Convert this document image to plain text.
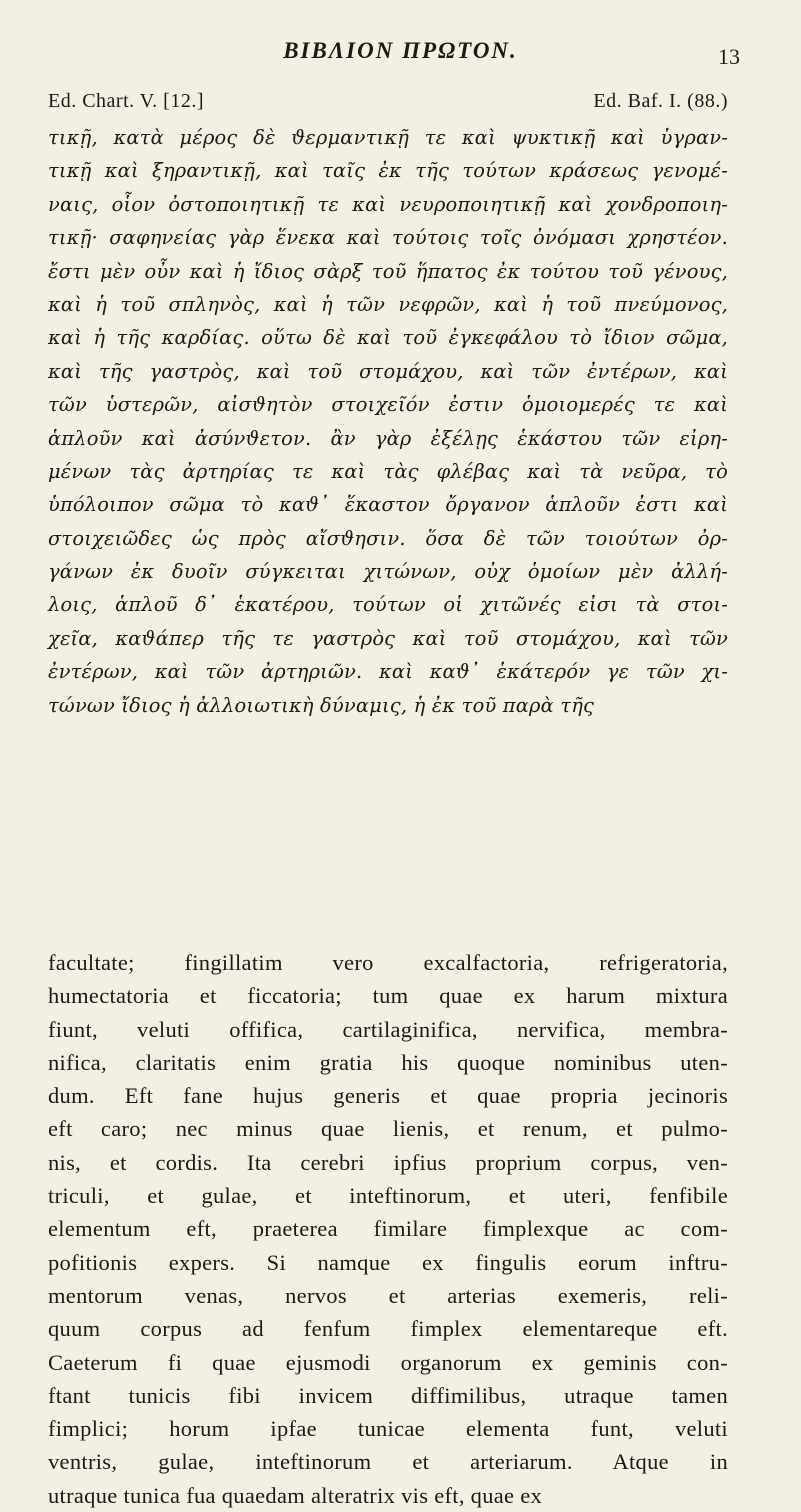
BIBΛION ΠΡΩΤΟΝ.	13
Ed. Chart. V. [12.]	Ed. Baf. I. (88.)
τικῇ, κατὰ μέρος δὲ ϑερμαντικῇ τε καὶ ψυκτικῇ καὶ ὑγραν-
τικῇ καὶ ξηραντικῇ, καὶ ταῖς ἐκ τῆς τούτων κράσεως γενομέ-
ναις, οἷον ὀστοποιητικῇ τε καὶ νευροποιητικῇ καὶ χονδροποιη-
τικῇ· σαφηνείας γὰρ ἕνεκα καὶ τούτοις τοῖς ὀνόμασι χρηστέον.
ἔστι μὲν οὖν καὶ ἡ ἴδιος σὰρξ τοῦ ἥπατος ἐκ τούτου τοῦ γένους,
καὶ ἡ τοῦ σπληνὸς, καὶ ἡ τῶν νεφρῶν, καὶ ἡ τοῦ πνεύμονος,
καὶ ἡ τῆς καρδίας. οὕτω δὲ καὶ τοῦ ἐγκεφάλου τὸ ἴδιον σῶμα,
καὶ τῆς γαστρὸς, καὶ τοῦ στομάχου, καὶ τῶν ἐντέρων, καὶ
τῶν ὑστερῶν, αἰσϑητὸν στοιχεῖόν ἐστιν ὁμοιομερές τε καὶ
ἁπλοῦν καὶ ἀσύνϑετον. ἂν γὰρ ἐξέλῃς ἑκάστου τῶν εἰρη-
μένων τὰς ἀρτηρίας τε καὶ τὰς φλέβας καὶ τὰ νεῦρα, τὸ
ὑπόλοιπον σῶμα τὸ καϑ᾽ ἕκαστον ὄργανον ἁπλοῦν ἐστι καὶ
στοιχειῶδες ὡς πρὸς αἴσϑησιν. ὅσα δὲ τῶν τοιούτων ὀρ-
γάνων ἐκ δυοῖν σύγκειται χιτώνων, οὐχ ὁμοίων μὲν ἀλλή-
λοις, ἁπλοῦ δ᾽ ἑκατέρου, τούτων οἱ χιτῶνές εἰσι τὰ στοι-
χεῖα, καϑάπερ τῆς τε γαστρὸς καὶ τοῦ στομάχου, καὶ τῶν
ἐντέρων, καὶ τῶν ἀρτηριῶν. καὶ καϑ᾽ ἑκάτερόν γε τῶν χι-
τώνων ἴδιος ἡ ἀλλοιωτικὴ δύναμις, ἡ ἐκ τοῦ παρὰ τῆς
facultate; fingillatim vero excalfactoria, refrigeratoria,
humectatoria et ficcatoria; tum quae ex harum mixtura
fiunt, veluti offifica, cartilaginifica, nervifica, membra-
nifica, claritatis enim gratia his quoque nominibus uten-
dum. Eft fane hujus generis et quae propria jecinoris
eft caro; nec minus quae lienis, et renum, et pulmo-
nis, et cordis. Ita cerebri ipfius proprium corpus, ven-
triculi, et gulae, et inteftinorum, et uteri, fenfibile
elementum eft, praeterea fimilare fimplexque ac com-
pofitionis expers. Si namque ex fingulis eorum inftru-
mentorum venas, nervos et arterias exemeris, reli-
quum corpus ad fenfum fimplex elementareque eft.
Caeterum fi quae ejusmodi organorum ex geminis con-
ftant tunicis fibi invicem diffimilibus, utraque tamen
fimplici; horum ipfae tunicae elementa funt, veluti
ventris, gulae, inteftinorum et arteriarum. Atque in
utraque tunica fua quaedam alteratrix vis eft, quae ex
